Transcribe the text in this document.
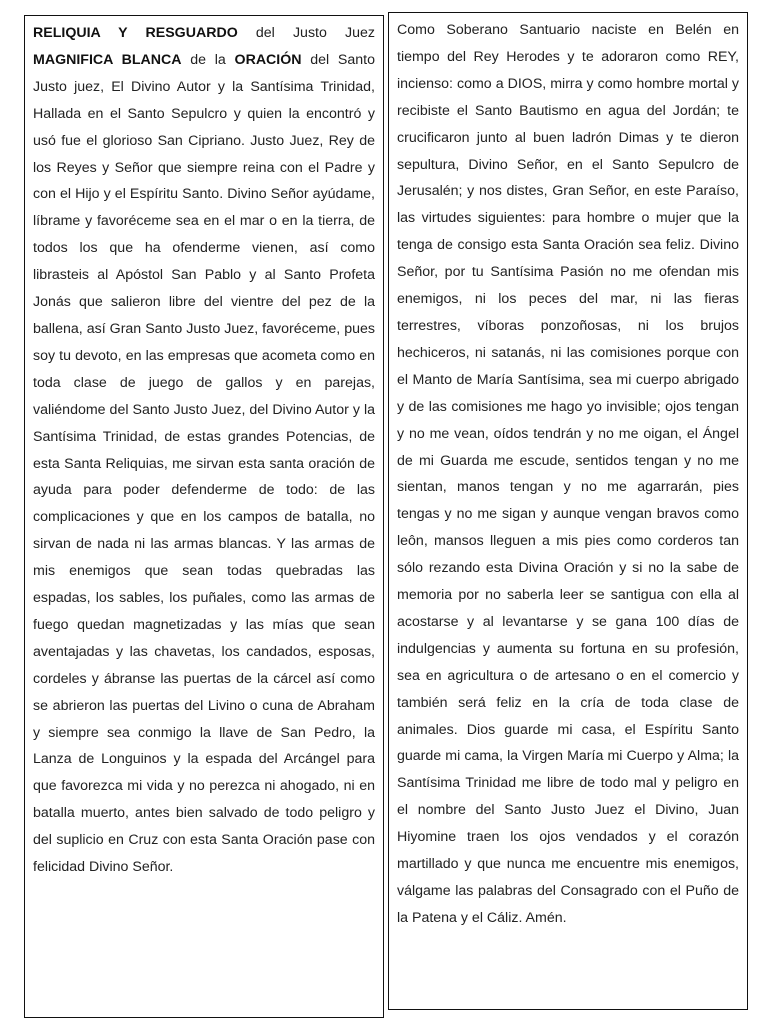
RELIQUIA Y RESGUARDO del Justo Juez MAGNIFICA BLANCA de la ORACIÓN del Santo Justo juez, El Divino Autor y la Santísima Trinidad, Hallada en el Santo Sepulcro y quien la encontró y usó fue el glorioso San Cipriano. Justo Juez, Rey de los Reyes y Señor que siempre reina con el Padre y con el Hijo y el Espíritu Santo. Divino Señor ayúdame, líbrame y favoréceme sea en el mar o en la tierra, de todos los que ha ofenderme vienen, así como librasteis al Apóstol San Pablo y al Santo Profeta Jonás que salieron libre del vientre del pez de la ballena, así Gran Santo Justo Juez, favoréceme, pues soy tu devoto, en las empresas que acometa como en toda clase de juego de gallos y en parejas, valiéndome del Santo Justo Juez, del Divino Autor y la Santísima Trinidad, de estas grandes Potencias, de esta Santa Reliquias, me sirvan esta santa oración de ayuda para poder defenderme de todo: de las complicaciones y que en los campos de batalla, no sirvan de nada ni las armas blancas. Y las armas de mis enemigos que sean todas quebradas las espadas, los sables, los puñales, como las armas de fuego quedan magnetizadas y las mías que sean aventajadas y las chavetas, los candados, esposas, cordeles y ábranse las puertas de la cárcel así como se abrieron las puertas del Livino o cuna de Abraham y siempre sea conmigo la llave de San Pedro, la Lanza de Longuinos y la espada del Arcángel para que favorezca mi vida y no perezca ni ahogado, ni en batalla muerto, antes bien salvado de todo peligro y del suplicio en Cruz con esta Santa Oración pase con felicidad Divino Señor.
Como Soberano Santuario naciste en Belén en tiempo del Rey Herodes y te adoraron como REY, incienso: como a DIOS, mirra y como hombre mortal y recibiste el Santo Bautismo en agua del Jordán; te crucificaron junto al buen ladrón Dimas y te dieron sepultura, Divino Señor, en el Santo Sepulcro de Jerusalén; y nos distes, Gran Señor, en este Paraíso, las virtudes siguientes: para hombre o mujer que la tenga de consigo esta Santa Oración sea feliz. Divino Señor, por tu Santísima Pasión no me ofendan mis enemigos, ni los peces del mar, ni las fieras terrestres, víboras ponzoñosas, ni los brujos hechiceros, ni satanás, ni las comisiones porque con el Manto de María Santísima, sea mi cuerpo abrigado y de las comisiones me hago yo invisible; ojos tengan y no me vean, oídos tendrán y no me oigan, el Ángel de mi Guarda me escude, sentidos tengan y no me sientan, manos tengan y no me agarrarán, pies tengas y no me sigan y aunque vengan bravos como leôn, mansos lleguen a mis pies como corderos tan sólo rezando esta Divina Oración y si no la sabe de memoria por no saberla leer se santigua con ella al acostarse y al levantarse y se gana 100 días de indulgencias y aumenta su fortuna en su profesión, sea en agricultura o de artesano o en el comercio y también será feliz en la cría de toda clase de animales. Dios guarde mi casa, el Espíritu Santo guarde mi cama, la Virgen María mi Cuerpo y Alma; la Santísima Trinidad me libre de todo mal y peligro en el nombre del Santo Justo Juez el Divino, Juan Hiyomine traen los ojos vendados y el corazón martillado y que nunca me encuentre mis enemigos, válgame las palabras del Consagrado con el Puño de la Patena y el Cáliz. Amén.
